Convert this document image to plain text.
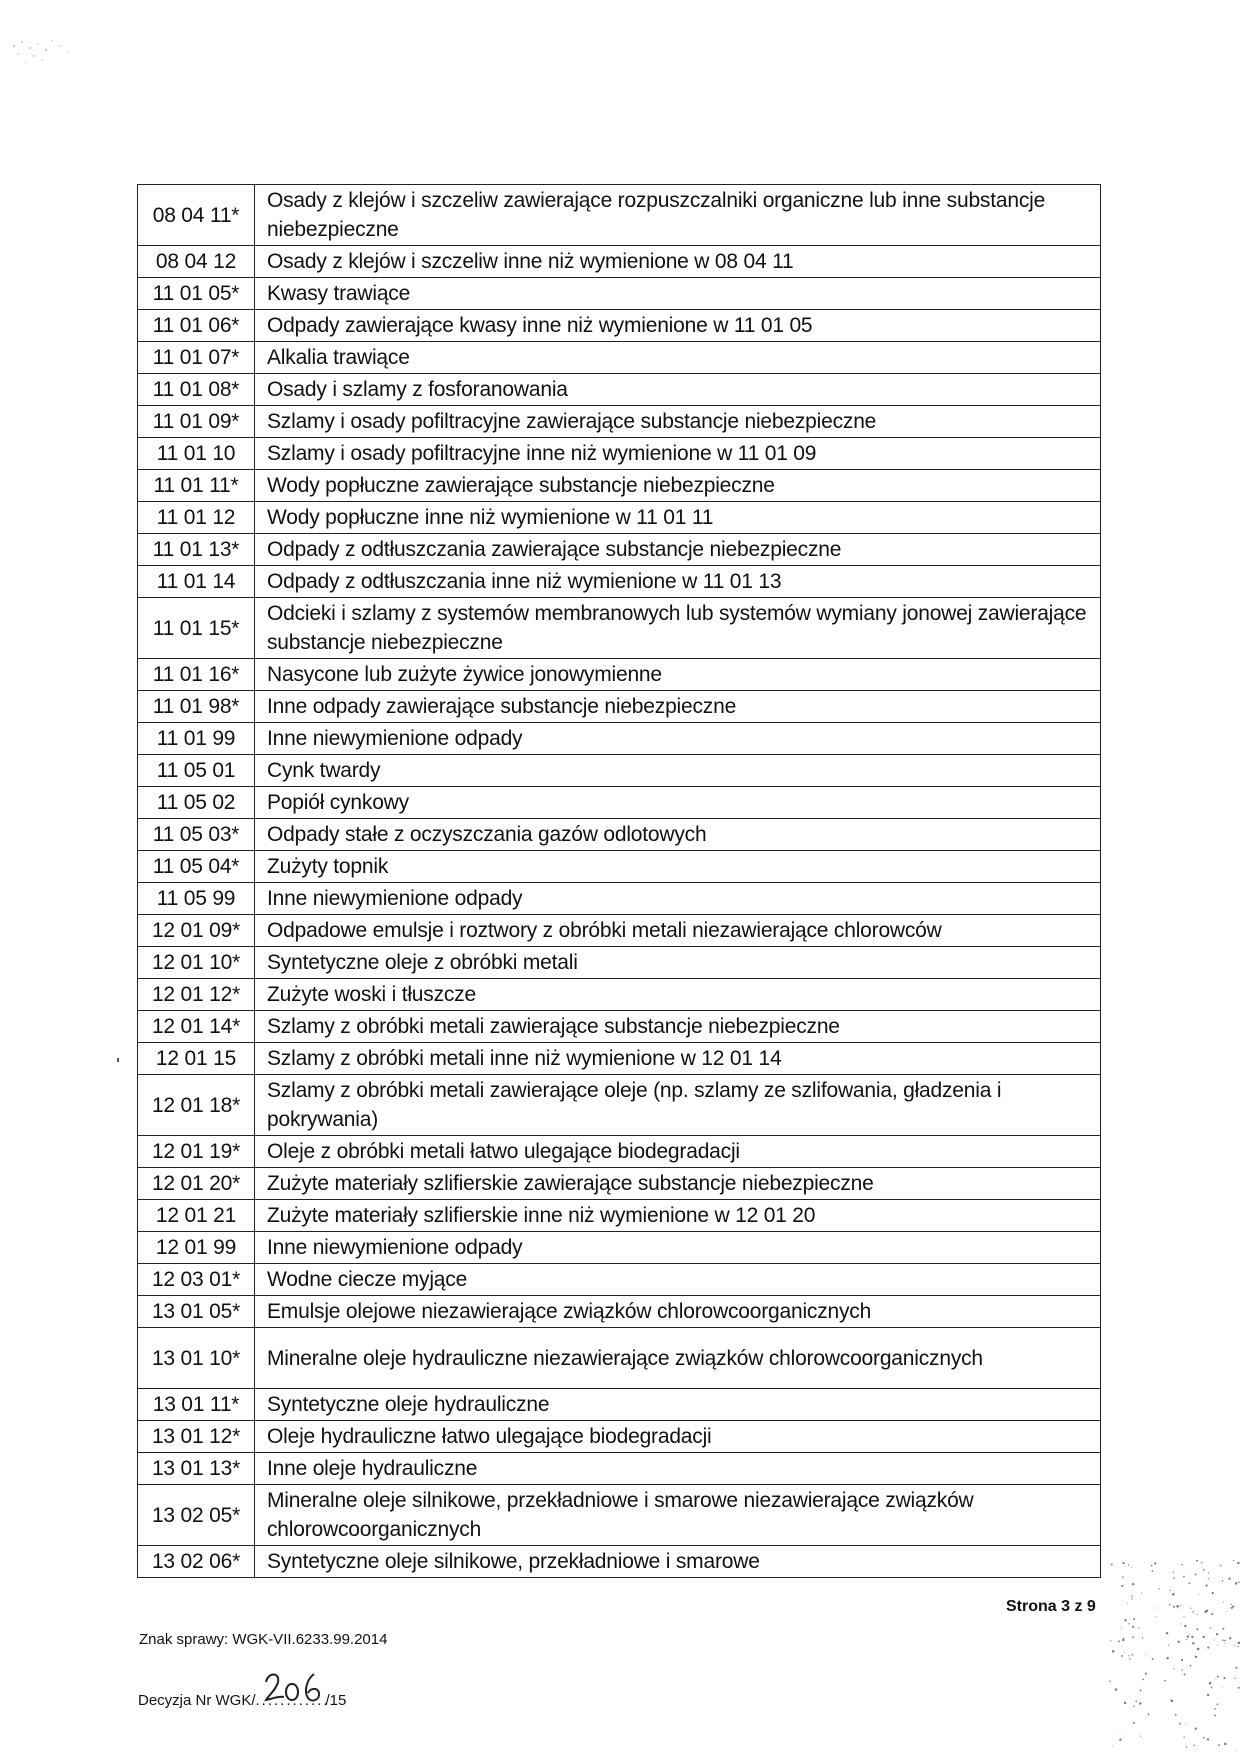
08 04 11*	Osady z klejów i szczeliw zawierające rozpuszczalniki organiczne lub inne substancje niebezpieczne
08 04 12	Osady z klejów i szczeliw inne niż wymienione w 08 04 11
11 01 05*	Kwasy trawiące
11 01 06*	Odpady zawierające kwasy inne niż wymienione w 11 01 05
11 01 07*	Alkalia trawiące
11 01 08*	Osady i szlamy z fosforanowania
11 01 09*	Szlamy i osady pofiltracyjne zawierające substancje niebezpieczne
11 01 10	Szlamy i osady pofiltracyjne inne niż wymienione w 11 01 09
11 01 11*	Wody popłuczne zawierające substancje niebezpieczne
11 01 12	Wody popłuczne inne niż wymienione w 11 01 11
11 01 13*	Odpady z odtłuszczania zawierające substancje niebezpieczne
11 01 14	Odpady z odtłuszczania inne niż wymienione w 11 01 13
11 01 15*	Odcieki i szlamy z systemów membranowych lub systemów wymiany jonowej zawierające substancje niebezpieczne
11 01 16*	Nasycone lub zużyte żywice jonowymienne
11 01 98*	Inne odpady zawierające substancje niebezpieczne
11 01 99	Inne niewymienione odpady
11 05 01	Cynk twardy
11 05 02	Popiół cynkowy
11 05 03*	Odpady stałe z oczyszczania gazów odlotowych
11 05 04*	Zużyty topnik
11 05 99	Inne niewymienione odpady
12 01 09*	Odpadowe emulsje i roztwory z obróbki metali niezawierające chlorowców
12 01 10*	Syntetyczne oleje z obróbki metali
12 01 12*	Zużyte woski i tłuszcze
12 01 14*	Szlamy z obróbki metali zawierające substancje niebezpieczne
12 01 15	Szlamy z obróbki metali inne niż wymienione w 12 01 14
12 01 18*	Szlamy z obróbki metali zawierające oleje (np. szlamy ze szlifowania, gładzenia i pokrywania)
12 01 19*	Oleje z obróbki metali łatwo ulegające biodegradacji
12 01 20*	Zużyte materiały szlifierskie zawierające substancje niebezpieczne
12 01 21	Zużyte materiały szlifierskie inne niż wymienione w 12 01 20
12 01 99	Inne niewymienione odpady
12 03 01*	Wodne ciecze myjące
13 01 05*	Emulsje olejowe niezawierające związków chlorowcoorganicznych
13 01 10*	Mineralne oleje hydrauliczne niezawierające związków chlorowcoorganicznych
13 01 11*	Syntetyczne oleje hydrauliczne
13 01 12*	Oleje hydrauliczne łatwo ulegające biodegradacji
13 01 13*	Inne oleje hydrauliczne
13 02 05*	Mineralne oleje silnikowe, przekładniowe i smarowe niezawierające związków chlorowcoorganicznych
13 02 06*	Syntetyczne oleje silnikowe, przekładniowe i smarowe
Strona 3 z 9
Znak sprawy: WGK-VII.6233.99.2014
Decyzja Nr WGK/ ............
/15
